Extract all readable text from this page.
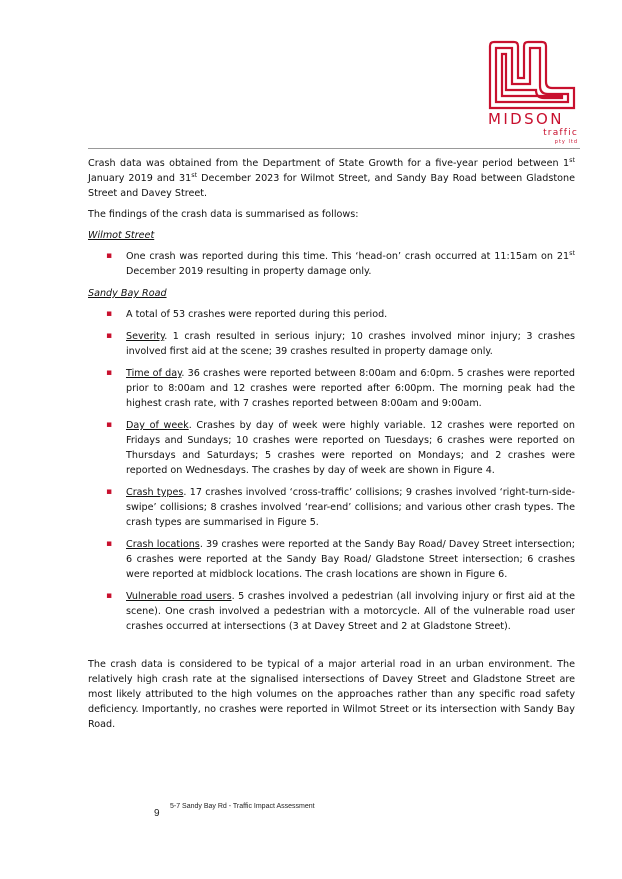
MIDSON
traffic
pty ltd

Crash data was obtained from the Department of State Growth for a five-year period between 1st January 2019 and 31st December 2023 for Wilmot Street, and Sandy Bay Road between Gladstone Street and Davey Street.

The findings of the crash data is summarised as follows:

Wilmot Street
▪ One crash was reported during this time. This ‘head-on’ crash occurred at 11:15am on 21st December 2019 resulting in property damage only.
Sandy Bay Road
▪ A total of 53 crashes were reported during this period.
▪ Severity. 1 crash resulted in serious injury; 10 crashes involved minor injury; 3 crashes involved first aid at the scene; 39 crashes resulted in property damage only.
▪ Time of day. 36 crashes were reported between 8:00am and 6:0pm. 5 crashes were reported prior to 8:00am and 12 crashes were reported after 6:00pm. The morning peak had the highest crash rate, with 7 crashes reported between 8:00am and 9:00am.
▪ Day of week. Crashes by day of week were highly variable. 12 crashes were reported on Fridays and Sundays; 10 crashes were reported on Tuesdays; 6 crashes were reported on Thursdays and Saturdays; 5 crashes were reported on Mondays; and 2 crashes were reported on Wednesdays. The crashes by day of week are shown in Figure 4.
▪ Crash types. 17 crashes involved ‘cross-traffic’ collisions; 9 crashes involved ‘right-turn-side-swipe’ collisions; 8 crashes involved ‘rear-end’ collisions; and various other crash types. The crash types are summarised in Figure 5.
▪ Crash locations. 39 crashes were reported at the Sandy Bay Road/ Davey Street intersection; 6 crashes were reported at the Sandy Bay Road/ Gladstone Street intersection; 6 crashes were reported at midblock locations. The crash locations are shown in Figure 6.
▪ Vulnerable road users. 5 crashes involved a pedestrian (all involving injury or first aid at the scene). One crash involved a pedestrian with a motorcycle. All of the vulnerable road user crashes occurred at intersections (3 at Davey Street and 2 at Gladstone Street).

The crash data is considered to be typical of a major arterial road in an urban environment. The relatively high crash rate at the signalised intersections of Davey Street and Gladstone Street are most likely attributed to the high volumes on the approaches rather than any specific road safety deficiency. Importantly, no crashes were reported in Wilmot Street or its intersection with Sandy Bay Road.

9
5-7 Sandy Bay Rd - Traffic Impact Assessment
